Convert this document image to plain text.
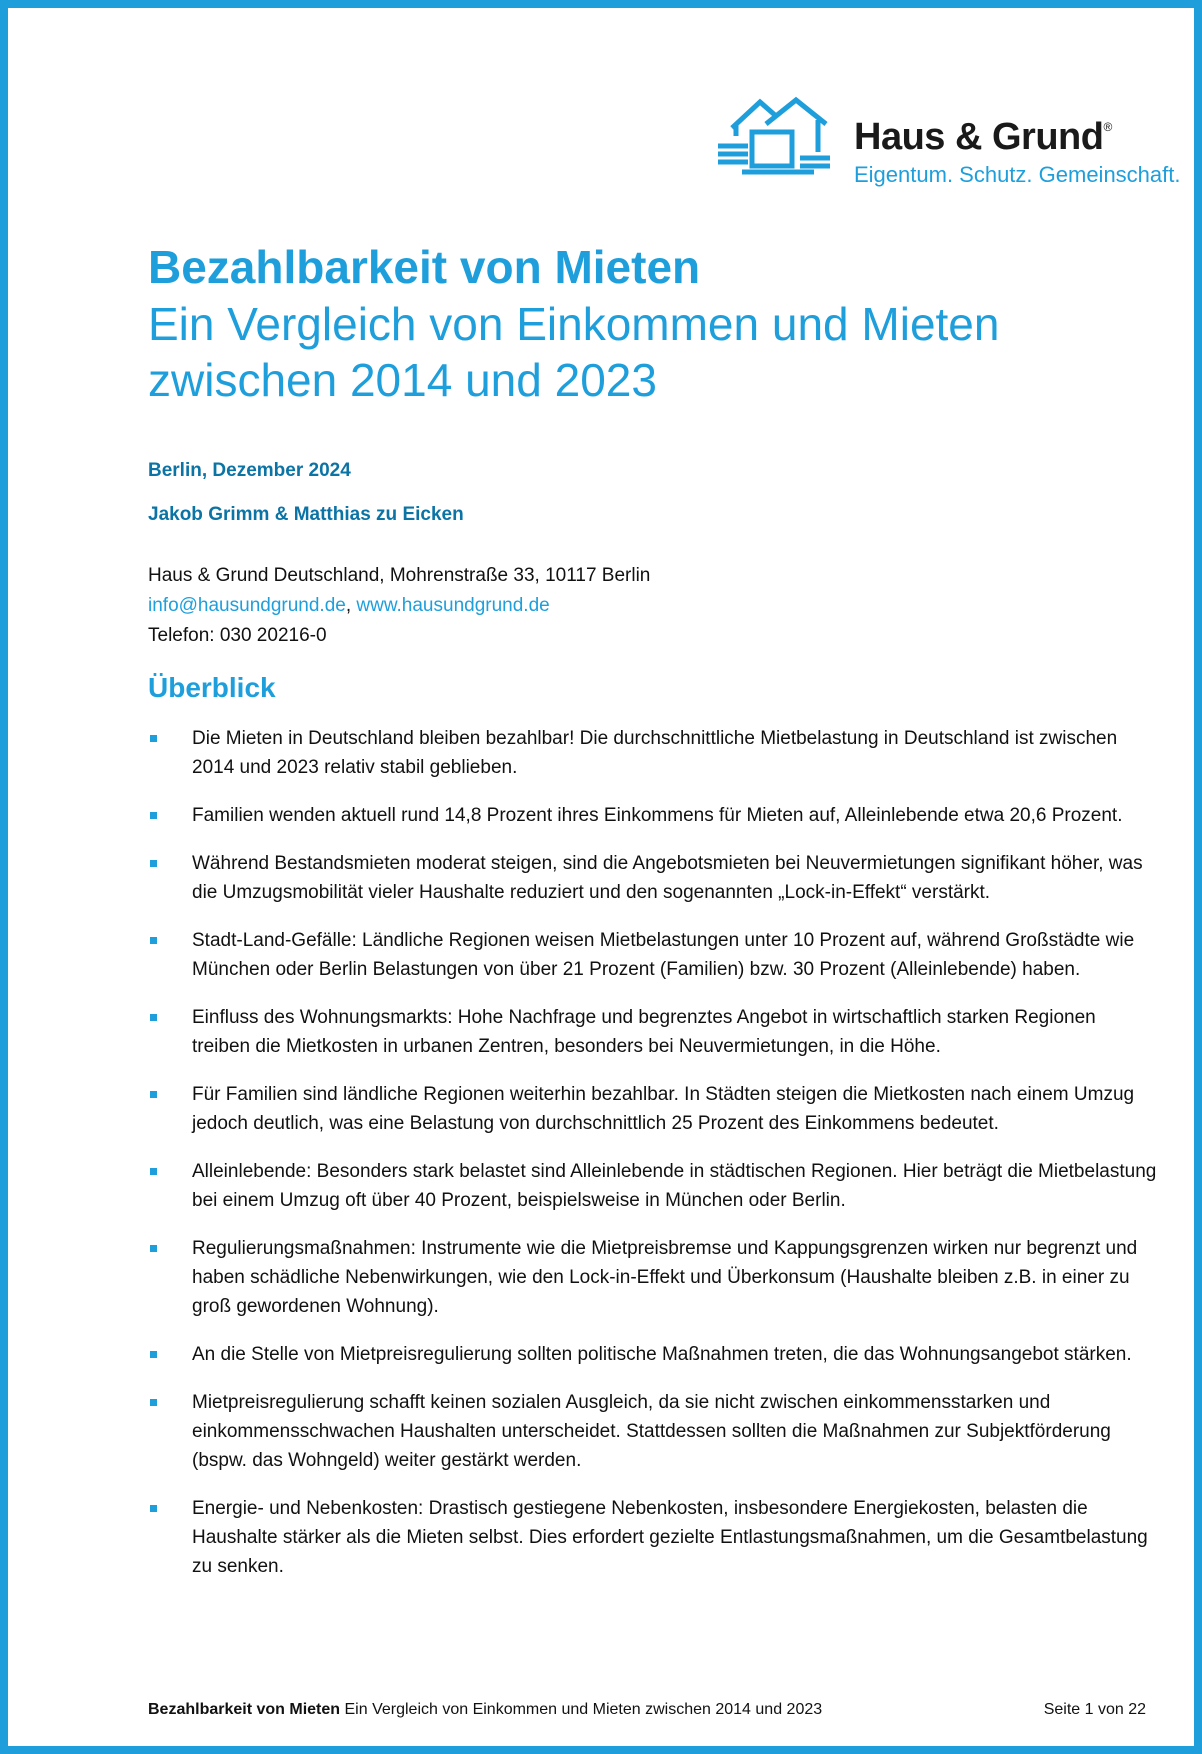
Haus & Grund®
Eigentum. Schutz. Gemeinschaft.
Bezahlbarkeit von Mieten
Ein Vergleich von Einkommen und Mieten zwischen 2014 und 2023
Berlin, Dezember 2024
Jakob Grimm & Matthias zu Eicken
Haus & Grund Deutschland, Mohrenstraße 33, 10117 Berlin
info@hausundgrund.de, www.hausundgrund.de
Telefon: 030 20216-0
Überblick
Die Mieten in Deutschland bleiben bezahlbar! Die durchschnittliche Mietbelastung in Deutschland ist zwischen 2014 und 2023 relativ stabil geblieben.
Familien wenden aktuell rund 14,8 Prozent ihres Einkommens für Mieten auf, Alleinlebende etwa 20,6 Prozent.
Während Bestandsmieten moderat steigen, sind die Angebotsmieten bei Neuvermietungen signifikant höher, was die Umzugsmobilität vieler Haushalte reduziert und den sogenannten „Lock-in-Effekt“ verstärkt.
Stadt-Land-Gefälle: Ländliche Regionen weisen Mietbelastungen unter 10 Prozent auf, während Großstädte wie München oder Berlin Belastungen von über 21 Prozent (Familien) bzw. 30 Prozent (Alleinlebende) haben.
Einfluss des Wohnungsmarkts: Hohe Nachfrage und begrenztes Angebot in wirtschaftlich starken Regionen treiben die Mietkosten in urbanen Zentren, besonders bei Neuvermietungen, in die Höhe.
Für Familien sind ländliche Regionen weiterhin bezahlbar. In Städten steigen die Mietkosten nach einem Umzug jedoch deutlich, was eine Belastung von durchschnittlich 25 Prozent des Einkommens bedeutet.
Alleinlebende: Besonders stark belastet sind Alleinlebende in städtischen Regionen. Hier beträgt die Mietbelastung bei einem Umzug oft über 40 Prozent, beispielsweise in München oder Berlin.
Regulierungsmaßnahmen: Instrumente wie die Mietpreisbremse und Kappungsgrenzen wirken nur begrenzt und haben schädliche Nebenwirkungen, wie den Lock-in-Effekt und Überkonsum (Haushalte bleiben z.B. in einer zu groß gewordenen Wohnung).
An die Stelle von Mietpreisregulierung sollten politische Maßnahmen treten, die das Wohnungsangebot stärken.
Mietpreisregulierung schafft keinen sozialen Ausgleich, da sie nicht zwischen einkommensstarken und einkommensschwachen Haushalten unterscheidet. Stattdessen sollten die Maßnahmen zur Subjektförderung (bspw. das Wohngeld) weiter gestärkt werden.
Energie- und Nebenkosten: Drastisch gestiegene Nebenkosten, insbesondere Energiekosten, belasten die Haushalte stärker als die Mieten selbst. Dies erfordert gezielte Entlastungsmaßnahmen, um die Gesamtbelastung zu senken.
Bezahlbarkeit von Mieten Ein Vergleich von Einkommen und Mieten zwischen 2014 und 2023	Seite 1 von 22
